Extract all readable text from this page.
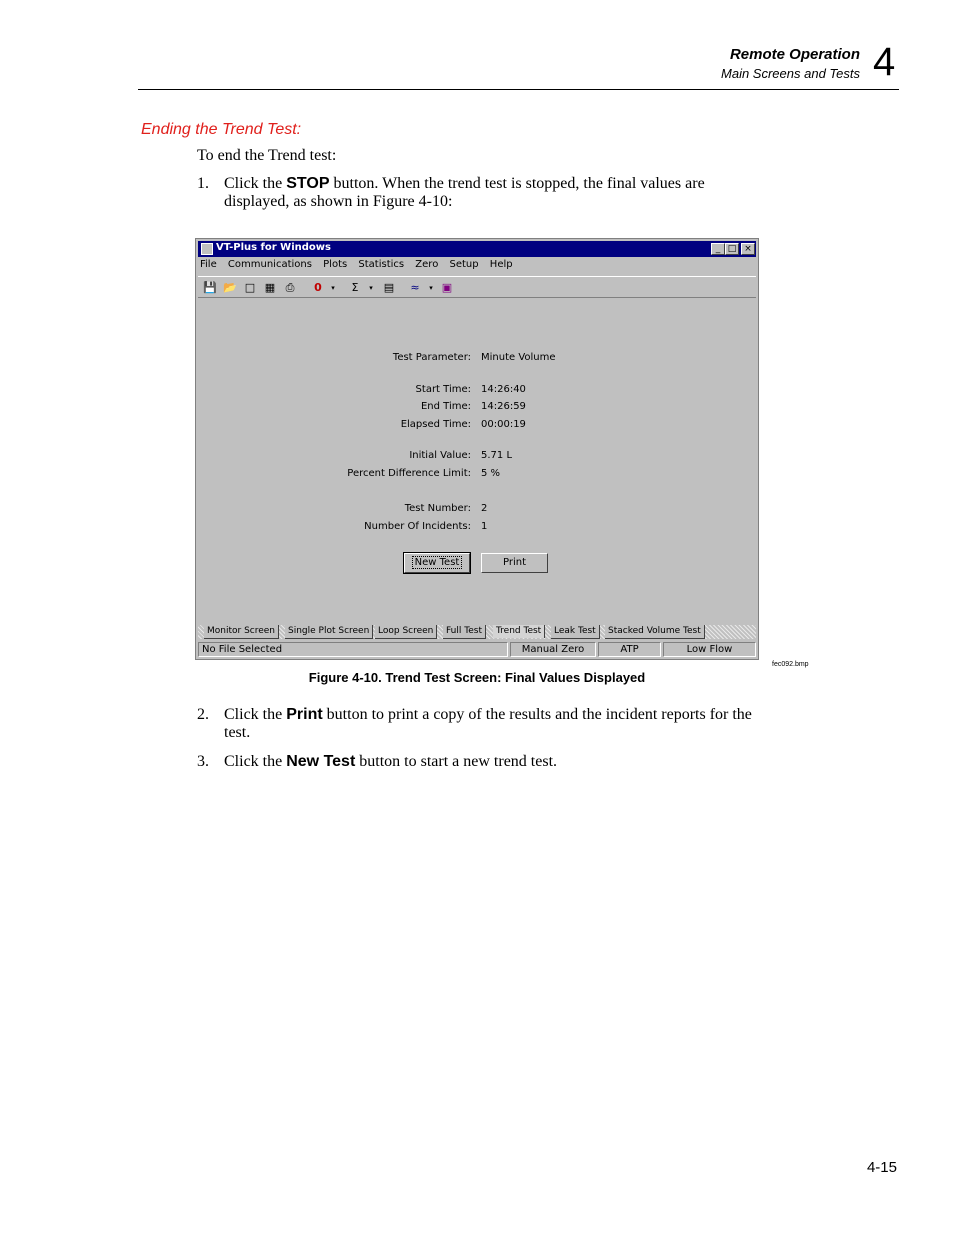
Remote Operation
Main Screens and Tests 4
Ending the Trend Test:
To end the Trend test:
1. Click the STOP button. When the trend test is stopped, the final values are
displayed, as shown in Figure 4-10:
VT-Plus for Windows	_ □ ×
File Communications Plots Statistics Zero Setup Help
💾 📂 □ ▦ ⎙ 0	▾	Σ	▾	▤ ≈	▾ ▣
Test Parameter: Minute Volume
Start Time: 14:26:40
End Time: 14:26:59
Elapsed Time: 00:00:19
Initial Value: 5.71 L
Percent Difference Limit: 5 %
Test Number: 2
Number Of Incidents: 1
New Test	Print
Monitor Screen	Single Plot Screen Loop Screen	Full Test	Trend Test	Leak Test	Stacked Volume Test
No File Selected	Manual Zero	ATP	Low Flow
fec092.bmp
Figure 4-10. Trend Test Screen: Final Values Displayed
2. Click the Print button to print a copy of the results and the incident reports for the
test.
3. Click the New Test button to start a new trend test.
4-15
